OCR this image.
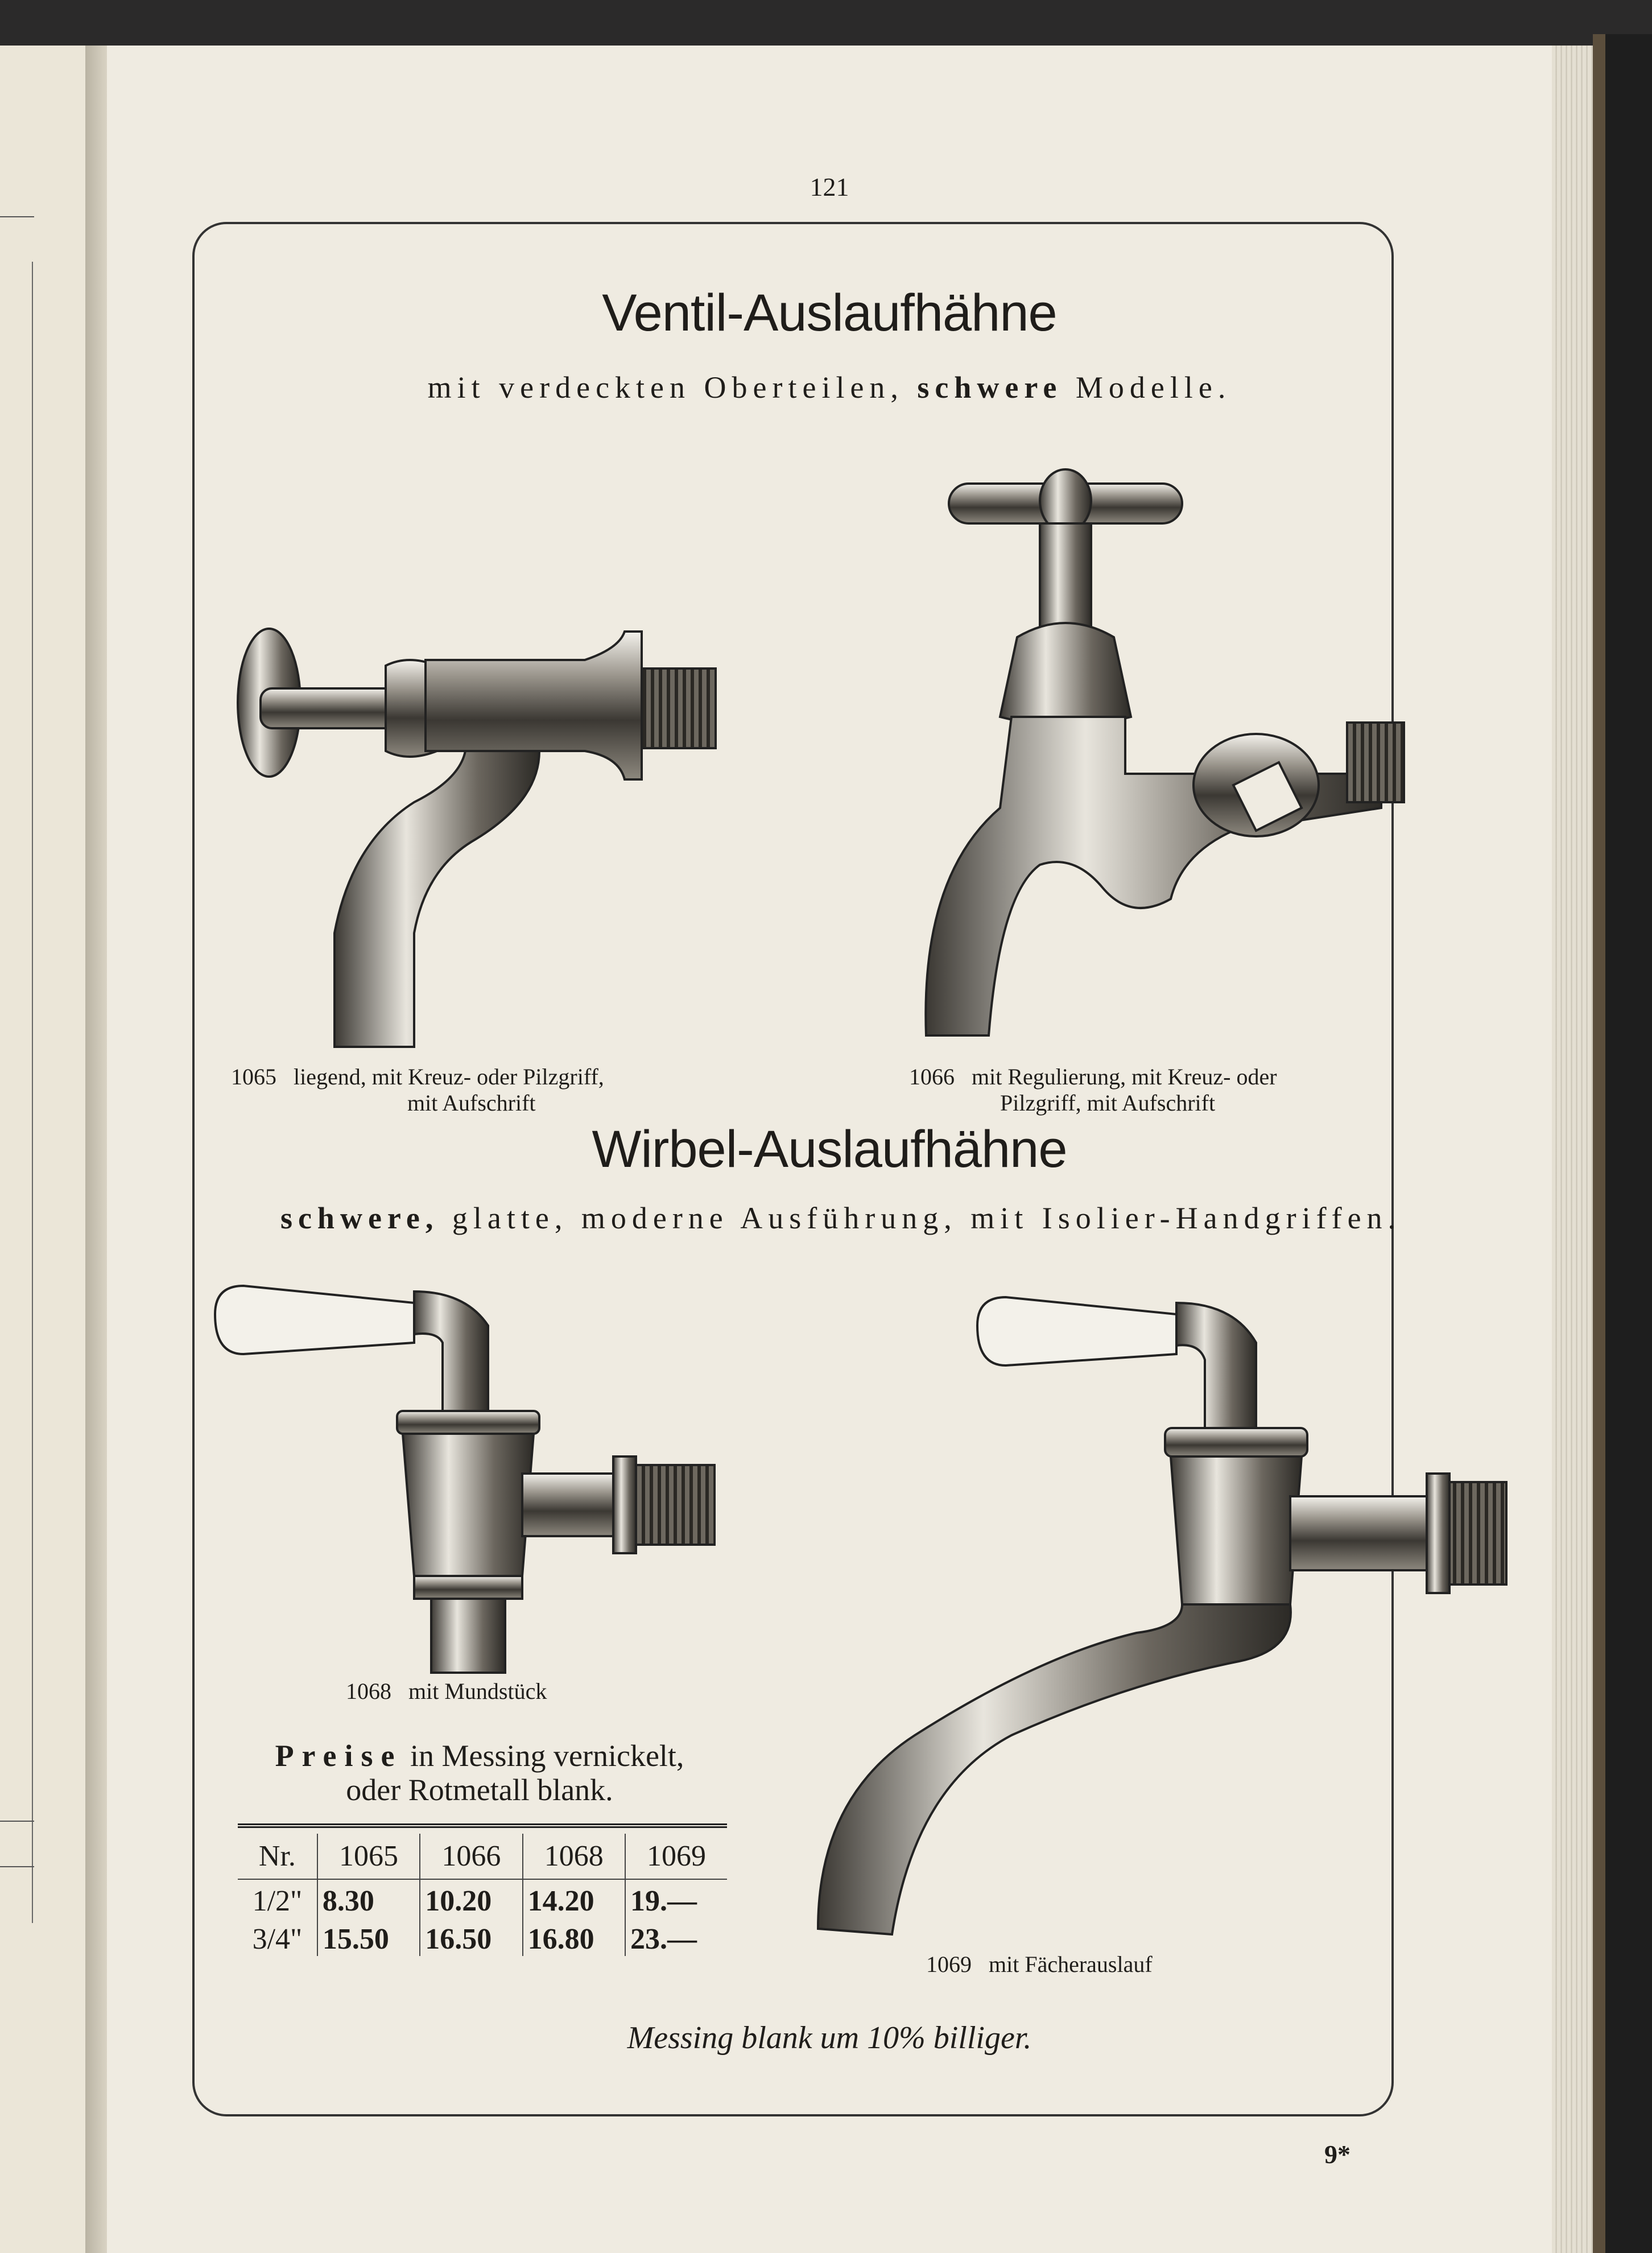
121
Ventil-Auslaufhähne
mit verdeckten Oberteilen, schwere Modelle.
1065 liegend, mit Kreuz- oder Pilzgriff,
mit Aufschrift
1066 mit Regulierung, mit Kreuz- oder
Pilzgriff, mit Aufschrift
Wirbel-Auslaufhähne
schwere, glatte, moderne Ausführung, mit Isolier-Handgriffen.
1068 mit Mundstück
1069 mit Fächerauslauf
Preise in Messing vernickelt,
oder Rotmetall blank.

Nr.	1065	1066	1068	1069
1/2"	8.30	10.20	14.20	19.—
3/4"	15.50	16.50	16.80	23.—
Messing blank um 10% billiger.
9*
